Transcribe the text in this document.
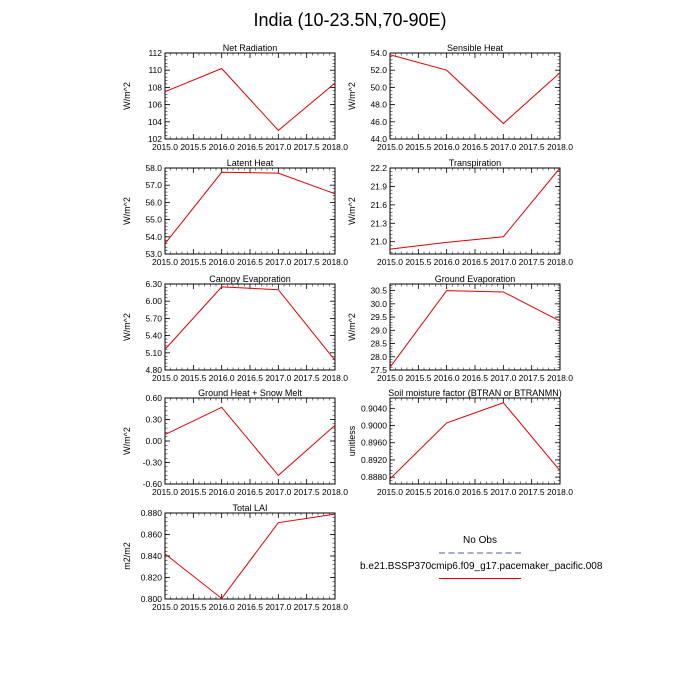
India (10-23.5N,70-90E)
Net Radiation
2015.0 2015.5 2016.0 2016.5 2017.0 2017.5 2018.0
102
104
106
108
110
112
W/m^2
Sensible Heat
2015.0 2015.5 2016.0 2016.5 2017.0 2017.5 2018.0
44.0
46.0
48.0
50.0
52.0
54.0
W/m^2
Latent Heat
2015.0 2015.5 2016.0 2016.5 2017.0 2017.5 2018.0
53.0
54.0
55.0
56.0
57.0
58.0
W/m^2
Transpiration
2015.0 2015.5 2016.0 2016.5 2017.0 2017.5 2018.0
21.0
21.3
21.6
21.9
22.2
W/m^2
Canopy Evaporation
2015.0 2015.5 2016.0 2016.5 2017.0 2017.5 2018.0
4.80
5.10
5.40
5.70
6.00
6.30
W/m^2
Ground Evaporation
2015.0 2015.5 2016.0 2016.5 2017.0 2017.5 2018.0
27.5
28.0
28.5
29.0
29.5
30.0
30.5
W/m^2
Ground Heat + Snow Melt
2015.0 2015.5 2016.0 2016.5 2017.0 2017.5 2018.0
-0.60
-0.30
0.00
0.30
0.60
W/m^2
Soil moisture factor (BTRAN or BTRANMN)
2015.0 2015.5 2016.0 2016.5 2017.0 2017.5 2018.0
0.8880
0.8920
0.8960
0.9000
0.9040
unitless
Total LAI
2015.0 2015.5 2016.0 2016.5 2017.0 2017.5 2018.0
0.800
0.820
0.840
0.860
0.880
m2/m2
No Obs
b.e21.BSSP370cmip6.f09_g17.pacemaker_pacific.008
